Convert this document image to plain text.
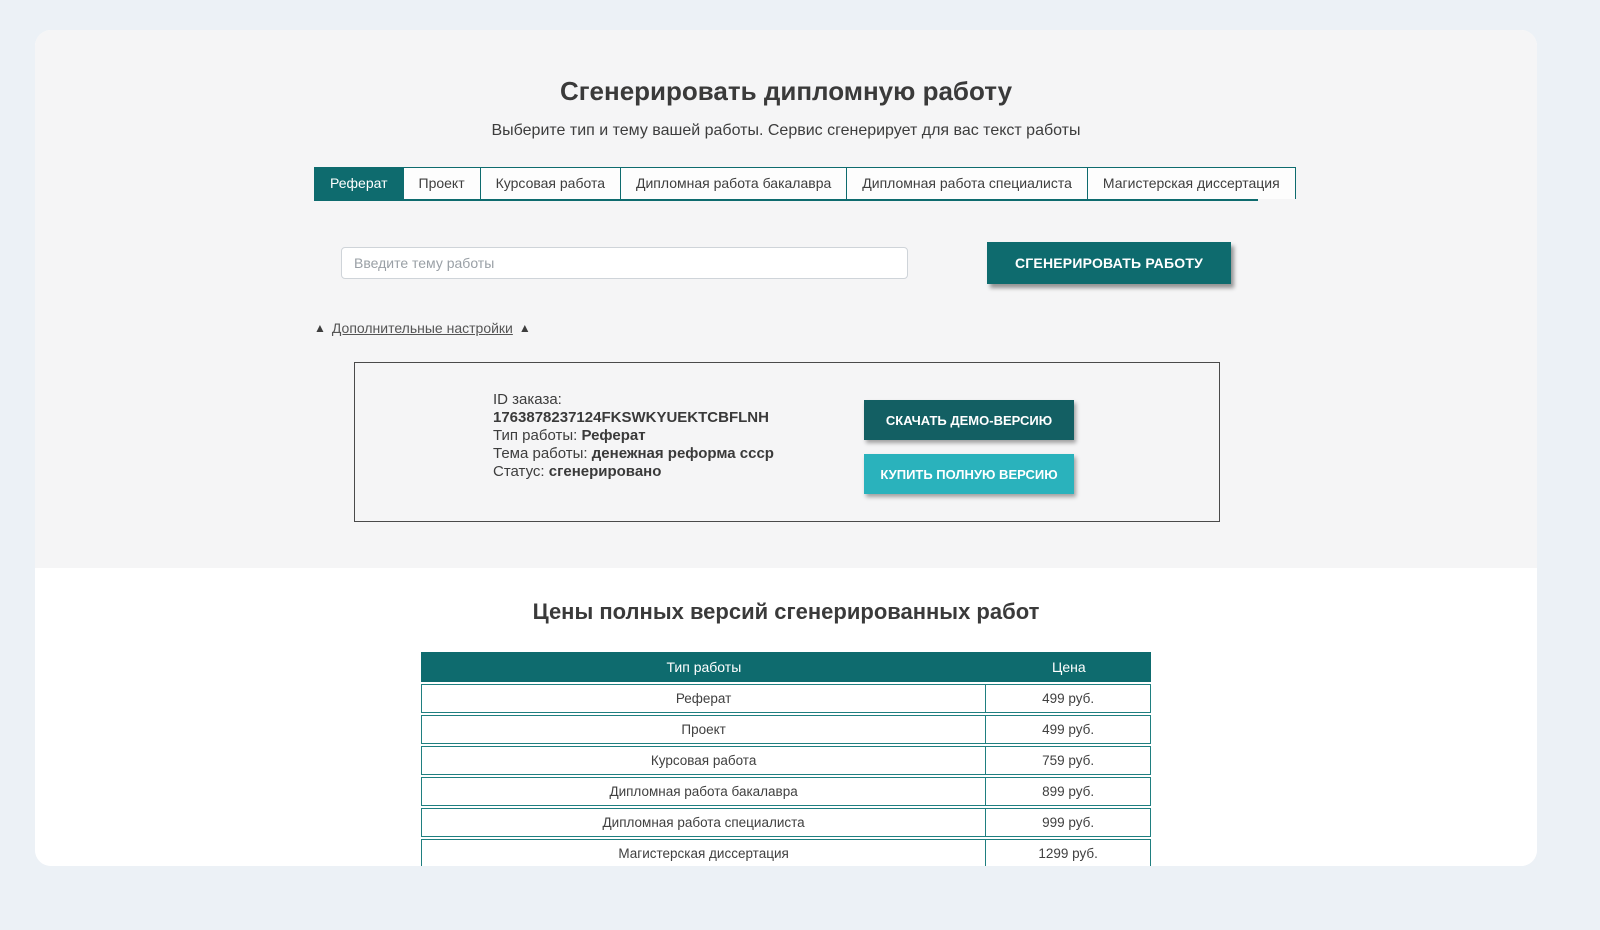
Сгенерировать дипломную работу

Выберите тип и тему вашей работы. Сервис сгенерирует для вас текст работы

Реферат	Проект	Курсовая работа	Дипломная работа бакалавра	Дипломная работа специалиста	Магистерская диссертация
Введите тему работы
СГЕНЕРИРОВАТЬ РАБОТУ
▲ Дополнительные настройки ▲
ID заказа:
1763878237124FKSWKYUEKTCBFLNH
Тип работы: Реферат
Тема работы: денежная реформа ссср
Статус: сгенерировано
СКАЧАТЬ ДЕМО-ВЕРСИЮ
КУПИТЬ ПОЛНУЮ ВЕРСИЮ
Цены полных версий сгенерированных работ
Тип работы	Цена
Реферат	499 руб.
Проект	499 руб.
Курсовая работа	759 руб.
Дипломная работа бакалавра	899 руб.
Дипломная работа специалиста	999 руб.
Магистерская диссертация	1299 руб.
